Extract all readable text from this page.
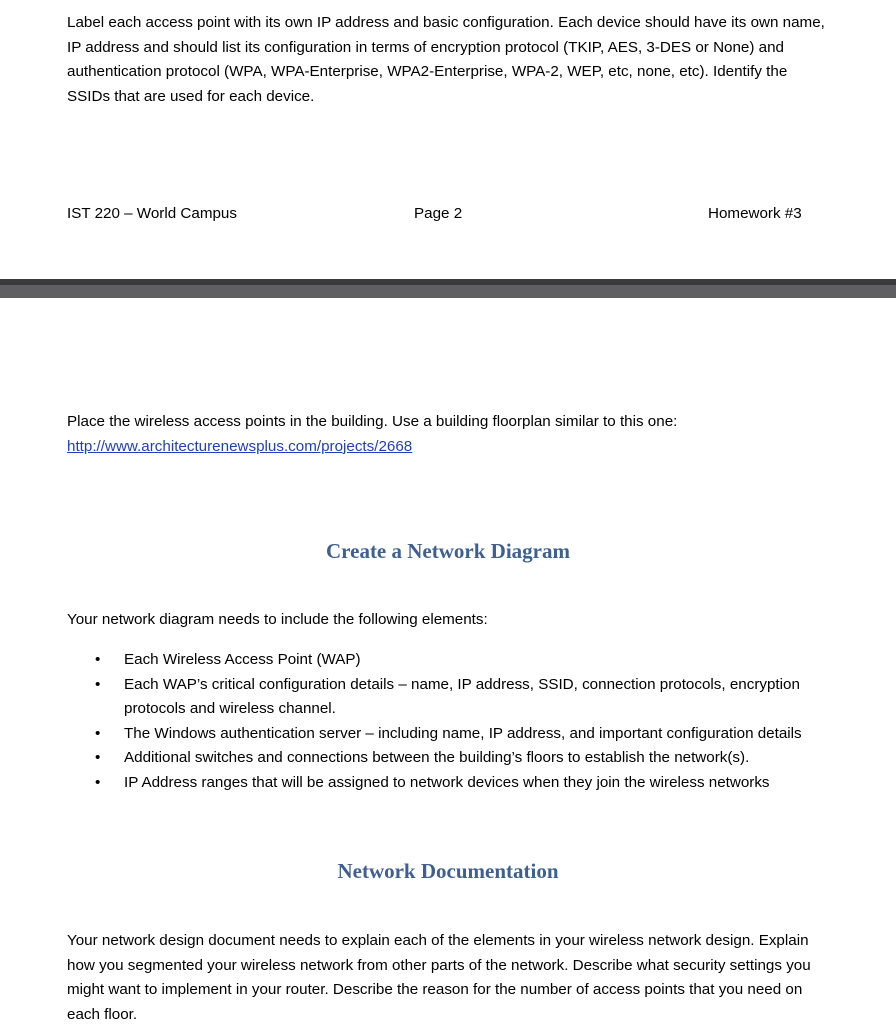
Label each access point with its own IP address and basic configuration. Each device should have its own name, IP address and should list its configuration in terms of encryption protocol (TKIP, AES, 3-DES or None) and authentication protocol (WPA, WPA-Enterprise, WPA2-Enterprise, WPA-2, WEP, etc, none, etc). Identify the SSIDs that are used for each device.

IST 220 – World Campus	Page 2	Homework #3

Place the wireless access points in the building. Use a building floorplan similar to this one:
http://www.architecturenewsplus.com/projects/2668

Create a Network Diagram

Your network diagram needs to include the following elements:

•	Each Wireless Access Point (WAP)
•	Each WAP’s critical configuration details – name, IP address, SSID, connection protocols, encryption protocols and wireless channel.
•	The Windows authentication server – including name, IP address, and important configuration details
•	Additional switches and connections between the building’s floors to establish the network(s).
•	IP Address ranges that will be assigned to network devices when they join the wireless networks
Network Documentation

Your network design document needs to explain each of the elements in your wireless network design. Explain how you segmented your wireless network from other parts of the network. Describe what security settings you might want to implement in your router. Describe the reason for the number of access points that you need on each floor.
